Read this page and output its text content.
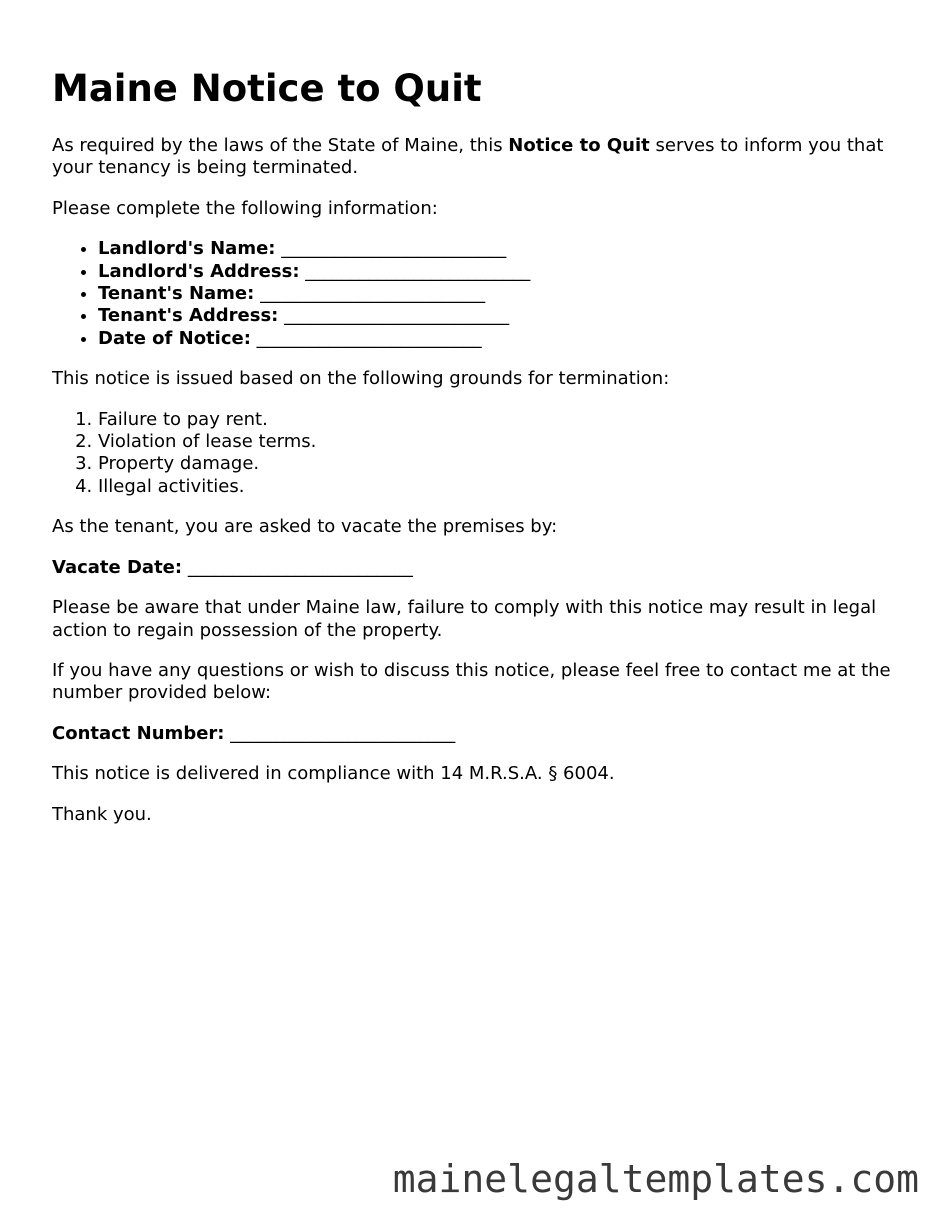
Maine Notice to Quit

As required by the laws of the State of Maine, this Notice to Quit serves to inform you that your tenancy is being terminated.

Please complete the following information:

• Landlord's Name: _________________________
• Landlord's Address: _________________________
• Tenant's Name: _________________________
• Tenant's Address: _________________________
• Date of Notice: _________________________

This notice is issued based on the following grounds for termination:

1. Failure to pay rent.
2. Violation of lease terms.
3. Property damage.
4. Illegal activities.

As the tenant, you are asked to vacate the premises by:

Vacate Date: _________________________

Please be aware that under Maine law, failure to comply with this notice may result in legal action to regain possession of the property.

If you have any questions or wish to discuss this notice, please feel free to contact me at the number provided below:

Contact Number: _________________________

This notice is delivered in compliance with 14 M.R.S.A. § 6004.

Thank you.

mainelegaltemplates.com
